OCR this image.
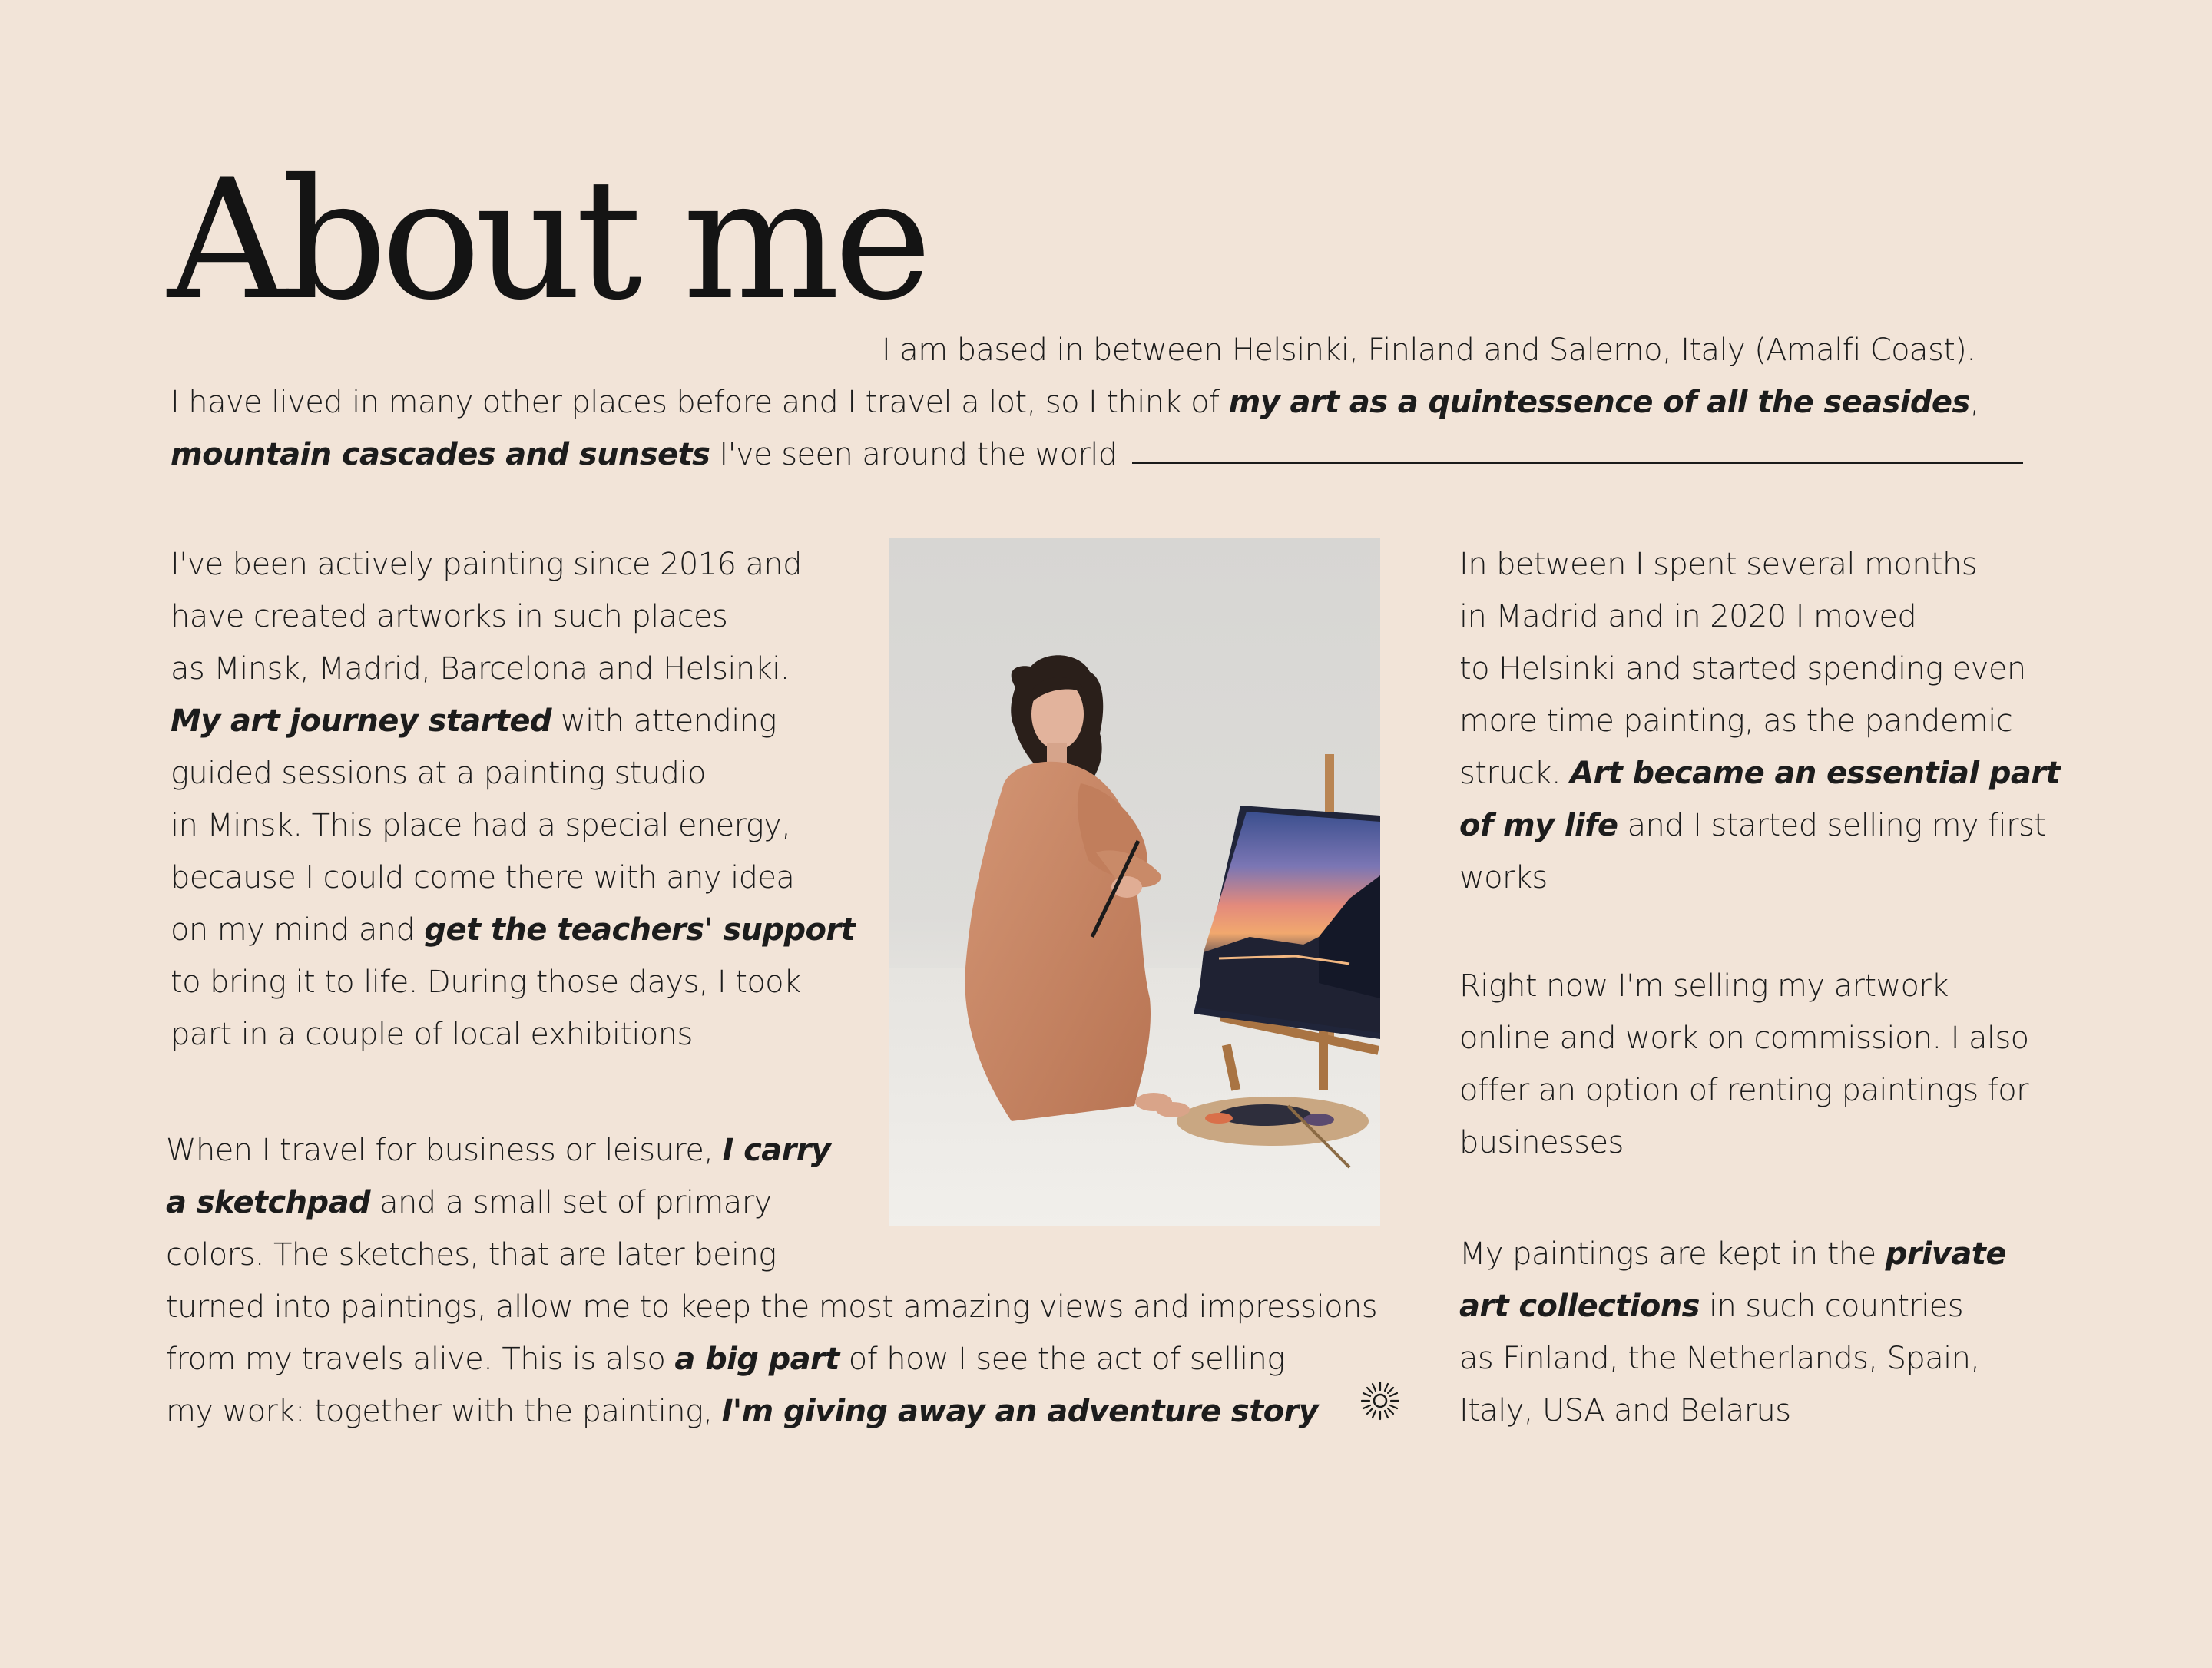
About me

I am based in between Helsinki, Finland and Salerno, Italy (Amalfi Coast).

I have lived in many other places before and I travel a lot, so I think of my art as a quintessence of all the seasides,
mountain cascades and sunsets I've seen around the world

I've been actively painting since 2016 and
have created artworks in such places
as Minsk, Madrid, Barcelona and Helsinki.
My art journey started with attending
guided sessions at a painting studio
in Minsk. This place had a special energy,
because I could come there with any idea
on my mind and get the teachers' support
to bring it to life. During those days, I took
part in a couple of local exhibitions

When I travel for business or leisure, I carry
a sketchpad and a small set of primary
colors. The sketches, that are later being
turned into paintings, allow me to keep the most amazing views and impressions
from my travels alive. This is also a big part of how I see the act of selling
my work: together with the painting, I'm giving away an adventure story

In between I spent several months
in Madrid and in 2020 I moved
to Helsinki and started spending even
more time painting, as the pandemic
struck. Art became an essential part
of my life and I started selling my first
works

Right now I'm selling my artwork
online and work on commission. I also
offer an option of renting paintings for
businesses

My paintings are kept in the private
art collections in such countries
as Finland, the Netherlands, Spain,
Italy, USA and Belarus
